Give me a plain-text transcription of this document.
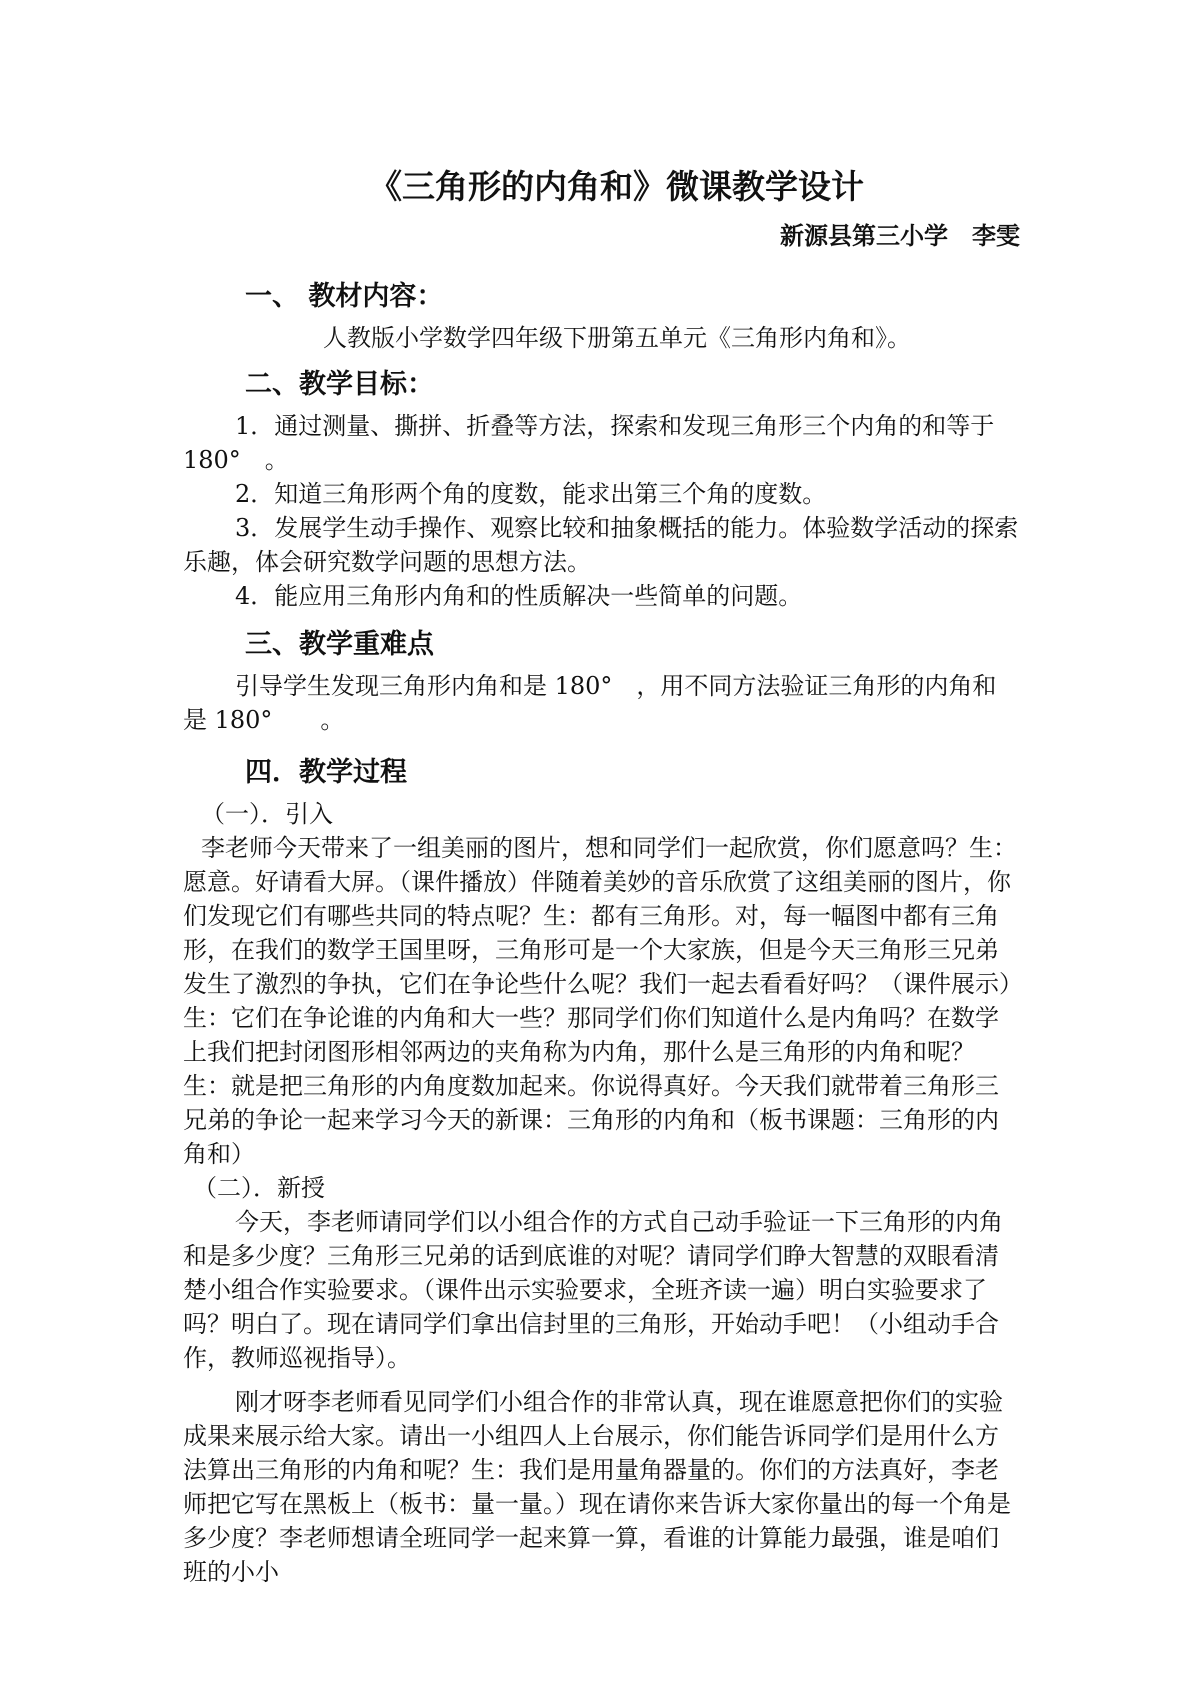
《三角形的内角和》微课教学设计

新源县第三小学　李雯

一、 教材内容：

人教版小学数学四年级下册第五单元《三角形内角和》。

二、教学目标：

1．通过测量、撕拼、折叠等方法，探索和发现三角形三个内角的和等于 180°　。

2．知道三角形两个角的度数，能求出第三个角的度数。

3．发展学生动手操作、观察比较和抽象概括的能力。体验数学活动的探索乐趣，体会研究数学问题的思想方法。

4．能应用三角形内角和的性质解决一些简单的问题。

三、教学重难点

引导学生发现三角形内角和是 180°　，用不同方法验证三角形的内角和是 180°　　。

四．教学过程

（一）．引入

李老师今天带来了一组美丽的图片，想和同学们一起欣赏，你们愿意吗？生：愿意。好请看大屏。（课件播放）伴随着美妙的音乐欣赏了这组美丽的图片，你们发现它们有哪些共同的特点呢？生：都有三角形。对，每一幅图中都有三角形，在我们的数学王国里呀，三角形可是一个大家族，但是今天三角形三兄弟发生了激烈的争执，它们在争论些什么呢？我们一起去看看好吗？（课件展示）生：它们在争论谁的内角和大一些？那同学们你们知道什么是内角吗？在数学上我们把封闭图形相邻两边的夹角称为内角，那什么是三角形的内角和呢？生：就是把三角形的内角度数加起来。你说得真好。今天我们就带着三角形三兄弟的争论一起来学习今天的新课：三角形的内角和（板书课题：三角形的内角和）

（二）．新授

今天，李老师请同学们以小组合作的方式自己动手验证一下三角形的内角和是多少度？三角形三兄弟的话到底谁的对呢？请同学们睁大智慧的双眼看清楚小组合作实验要求。（课件出示实验要求，全班齐读一遍）明白实验要求了吗？明白了。现在请同学们拿出信封里的三角形，开始动手吧！（小组动手合作，教师巡视指导）。

刚才呀李老师看见同学们小组合作的非常认真，现在谁愿意把你们的实验成果来展示给大家。请出一小组四人上台展示，你们能告诉同学们是用什么方法算出三角形的内角和呢？生：我们是用量角器量的。你们的方法真好，李老师把它写在黑板上（板书：量一量。）现在请你来告诉大家你量出的每一个角是多少度？李老师想请全班同学一起来算一算，看谁的计算能力最强，谁是咱们班的小小
